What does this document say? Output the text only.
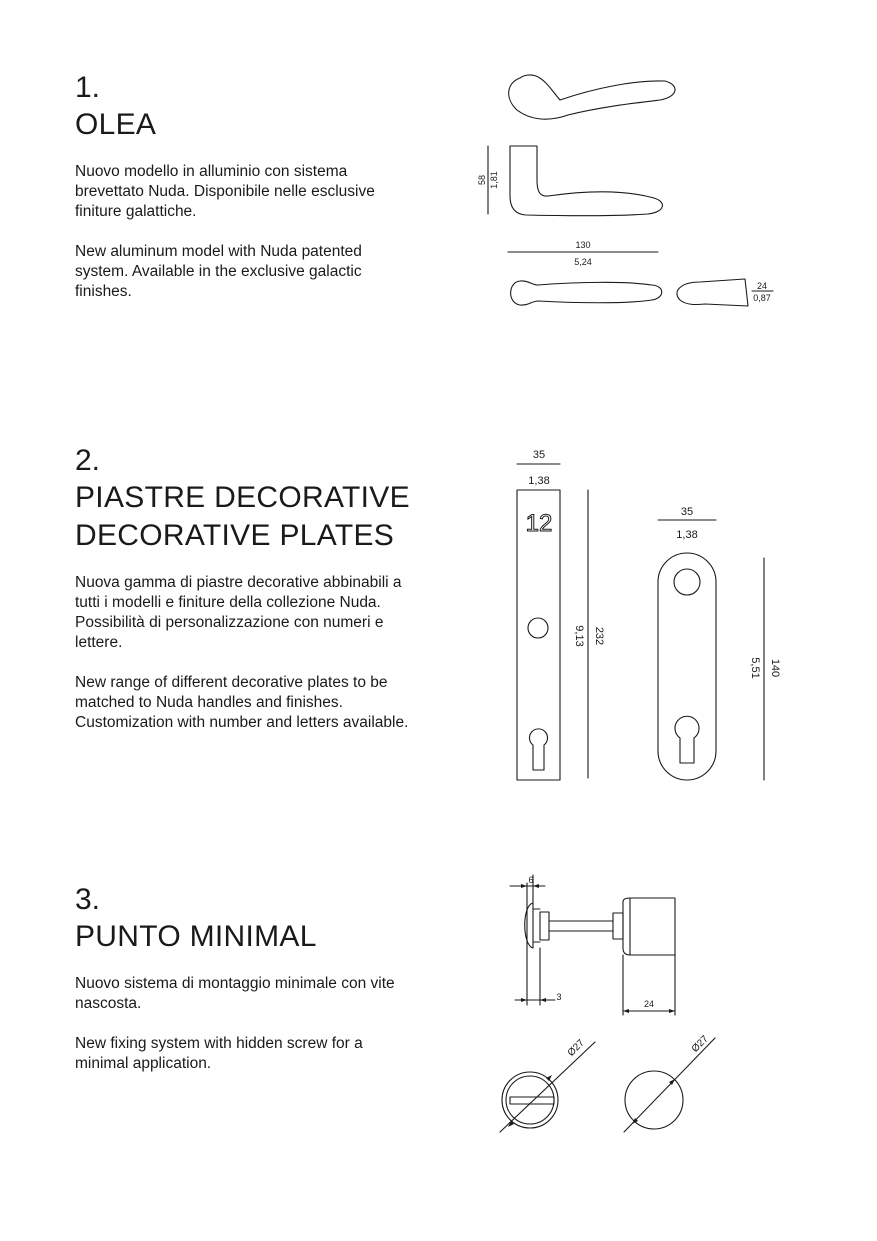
1.
OLEA

Nuovo modello in alluminio con sistema brevettato Nuda. Disponibile nelle esclusive finiture galattiche.

New aluminum model with Nuda patented system. Available in the exclusive galactic finishes.

2.
PIASTRE DECORATIVE
DECORATIVE PLATES

Nuova gamma di piastre decorative abbinabili a tutti i modelli e finiture della collezione Nuda. Possibilità di personalizzazione con numeri e lettere.

New range of different decorative plates to be matched to Nuda handles and finishes. Customization with number and letters available.

3.
PUNTO MINIMAL

Nuovo sistema di montaggio minimale con vite nascosta.

New fixing system with hidden screw for a minimal application.

58 1,81
130
5,24
24
0,87
35
1,38
12
9,13 232
35
1,38
5,51 140
6
3
24
Ø27	Ø27
